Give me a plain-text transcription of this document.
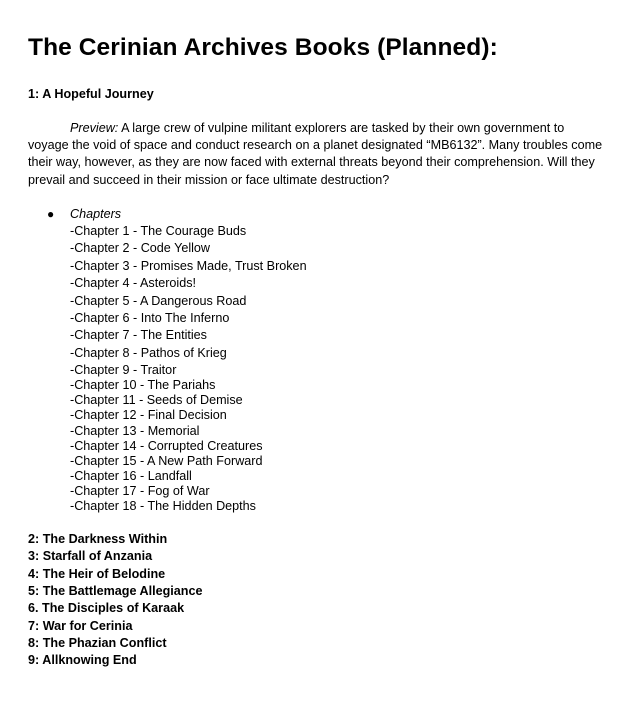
The Cerinian Archives Books (Planned):
1: A Hopeful Journey
Preview: A large crew of vulpine militant explorers are tasked by their own government to voyage the void of space and conduct research on a planet designated “MB6132”. Many troubles come their way, however, as they are now faced with external threats beyond their comprehension. Will they prevail and succeed in their mission or face ultimate destruction?
● Chapters
-Chapter 1 - The Courage Buds
-Chapter 2 - Code Yellow
-Chapter 3 - Promises Made, Trust Broken
-Chapter 4 - Asteroids!
-Chapter 5 - A Dangerous Road
-Chapter 6 - Into The Inferno
-Chapter 7 - The Entities
-Chapter 8 - Pathos of Krieg
-Chapter 9 - Traitor
-Chapter 10 - The Pariahs
-Chapter 11 - Seeds of Demise
-Chapter 12 - Final Decision
-Chapter 13 - Memorial
-Chapter 14 - Corrupted Creatures
-Chapter 15 - A New Path Forward
-Chapter 16 - Landfall
-Chapter 17 - Fog of War
-Chapter 18 - The Hidden Depths
2: The Darkness Within
3: Starfall of Anzania
4: The Heir of Belodine
5: The Battlemage Allegiance
6. The Disciples of Karaak
7: War for Cerinia
8: The Phazian Conflict
9: Allknowing End
